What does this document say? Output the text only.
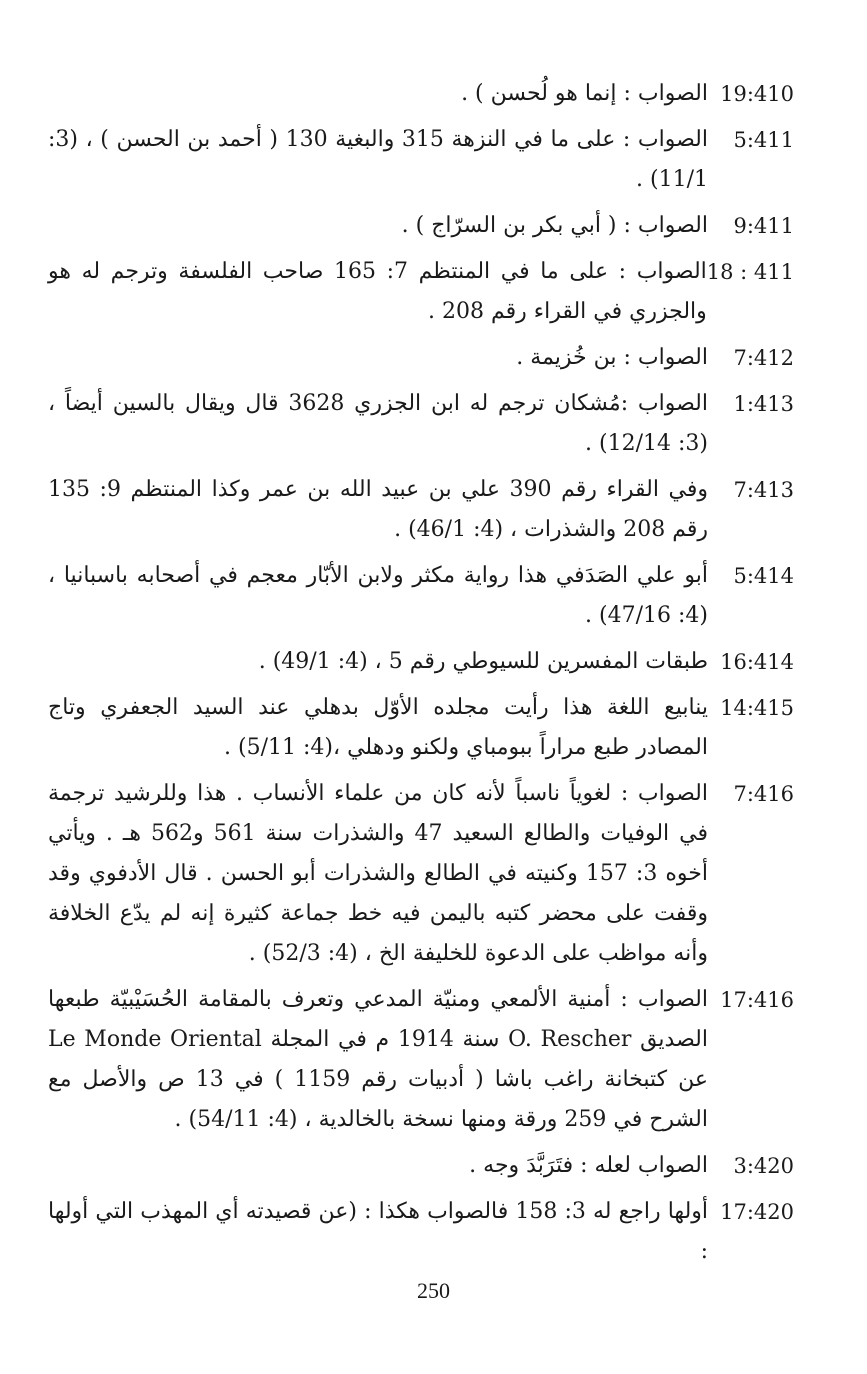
19:410
الصواب : إنما هو لُحسن ) .
5:411
الصواب : على ما في النزهة 315 والبغية 130 ( أحمد بن الحسن ) ، (3: 11/1) .
9:411
الصواب : ( أبي بكر بن السرّاج ) .
18 : 411
الصواب : على ما في المنتظم 7: 165 صاحب الفلسفة وترجم له هو والجزري في القراء رقم 208 .
7:412
الصواب : بن خُزيمة .
1:413
الصواب :مُشكان ترجم له ابن الجزري 3628 قال ويقال بالسين أيضاً ، (3: 12/14) .
7:413
وفي القراء رقم 390 علي بن عبيد الله بن عمر وكذا المنتظم 9: 135 رقم 208 والشذرات ، (4: 46/1) .
5:414
أبو علي الصَدَفي هذا رواية مكثر ولابن الأبّار معجم في أصحابه باسبانيا ، (4: 47/16) .
16:414
طبقات المفسرين للسيوطي رقم 5 ، (4: 49/1) .
14:415
ينابيع اللغة هذا رأيت مجلده الأوّل بدهلي عند السيد الجعفري وتاج المصادر طبع مراراً ببومباي ولكنو ودهلي ،(4: 5/11) .
7:416
الصواب : لغوياً ناسباً لأنه كان من علماء الأنساب . هذا وللرشيد ترجمة في الوفيات والطالع السعيد 47 والشذرات سنة 561 و562 هـ . ويأتي أخوه 3: 157 وكنيته في الطالع والشذرات أبو الحسن . قال الأدفوي وقد وقفت على محضر كتبه باليمن فيه خط جماعة كثيرة إنه لم يدّع الخلافة وأنه مواظب على الدعوة للخليفة الخ ، (4: 52/3) .
17:416
الصواب : أمنية الألمعي ومنيّة المدعي وتعرف بالمقامة الحُسَيْبيّة طبعها الصديق O. Rescher سنة 1914 م في المجلة Le Monde Oriental عن كتبخانة راغب باشا ( أدبيات رقم 1159 ) في 13 ص والأصل مع الشرح في 259 ورقة ومنها نسخة بالخالدية ، (4: 54/11) .
3:420
الصواب لعله : فتَرَبَّدَ وجه .
17:420
أولها راجع له 3: 158 فالصواب هكذا : (عن قصيدته أي المهذب التي أولها :
250
